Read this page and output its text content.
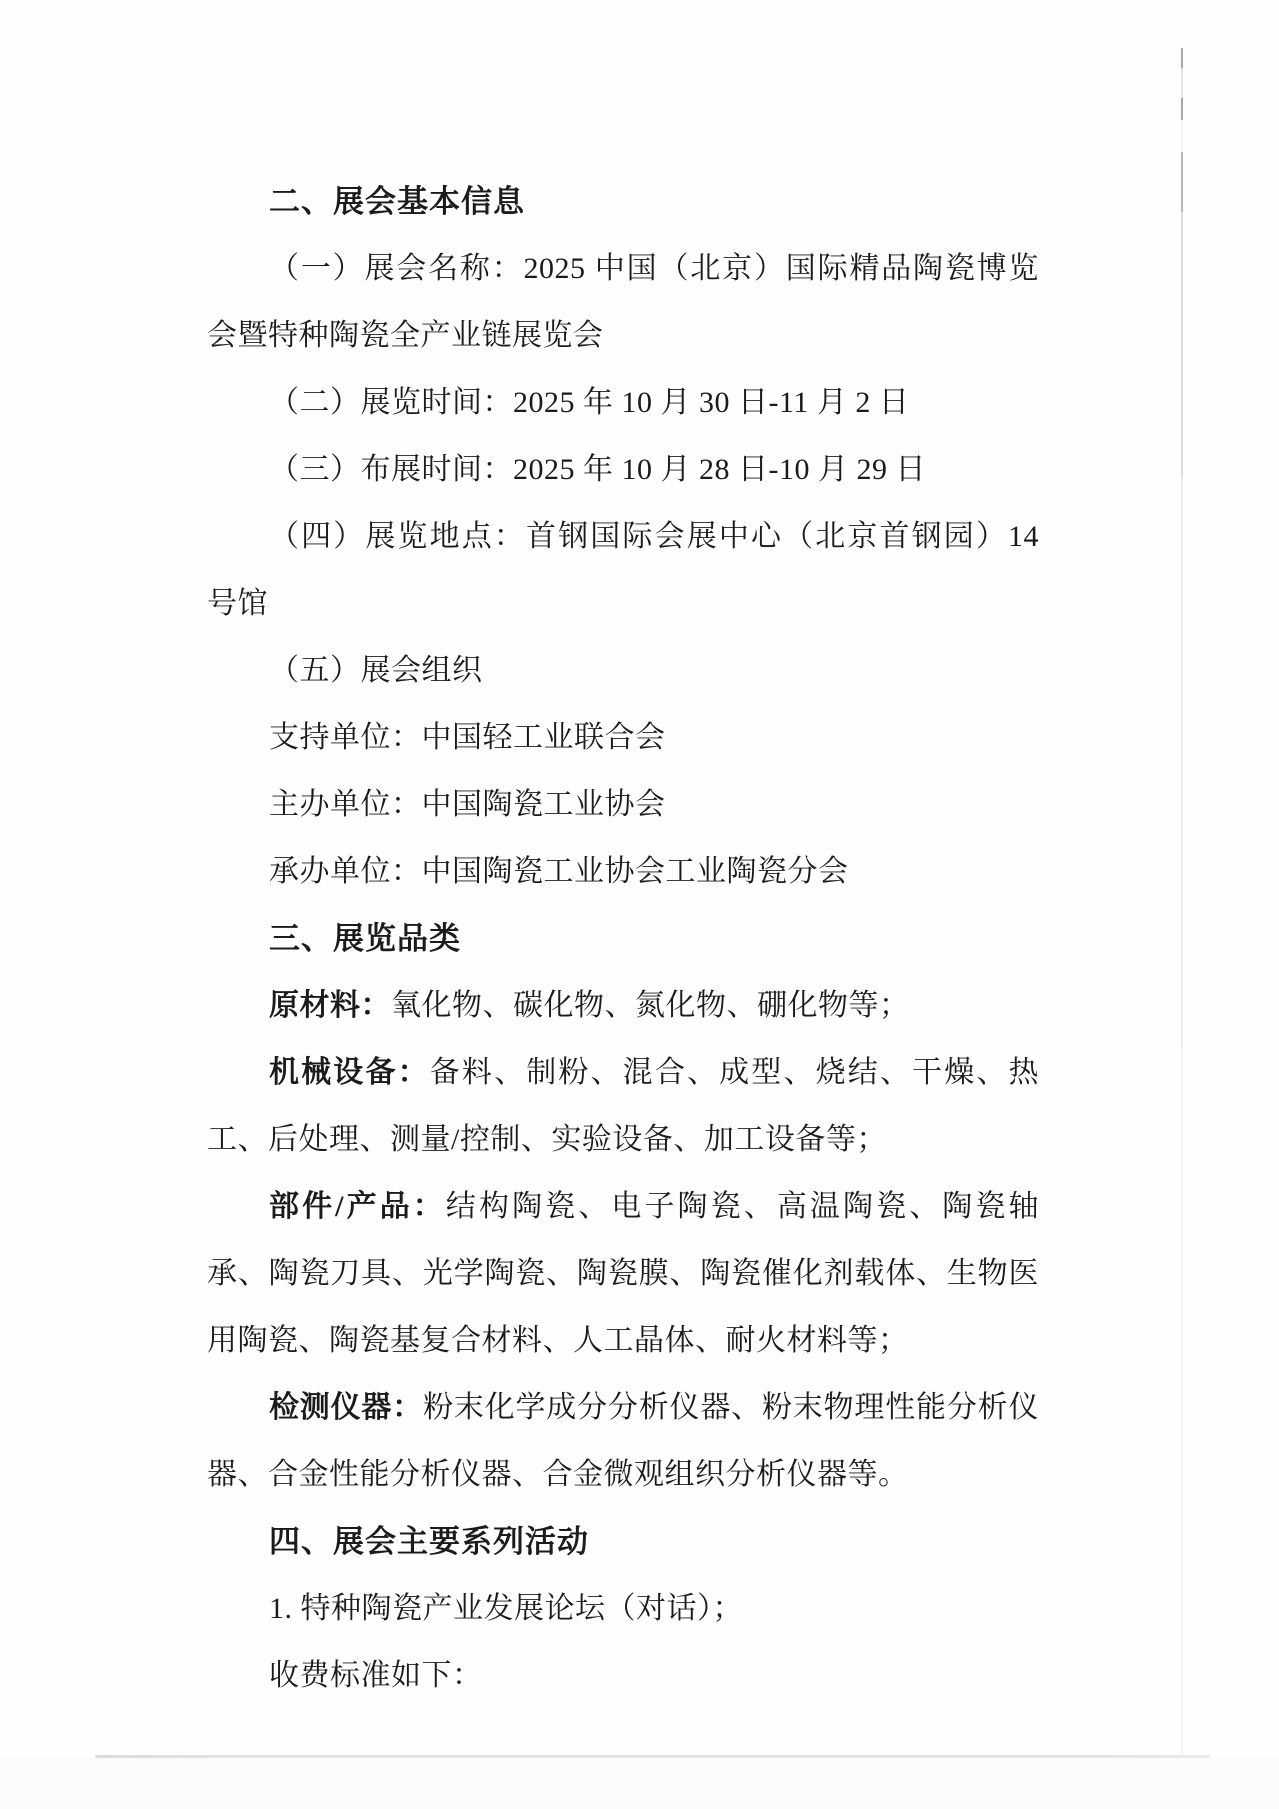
二、展会基本信息

（一）展会名称：2025 中国（北京）国际精品陶瓷博览会暨特种陶瓷全产业链展览会

（二）展览时间：2025 年 10 月 30 日-11 月 2 日

（三）布展时间：2025 年 10 月 28 日-10 月 29 日

（四）展览地点：首钢国际会展中心（北京首钢园）14 号馆

（五）展会组织

支持单位：中国轻工业联合会

主办单位：中国陶瓷工业协会

承办单位：中国陶瓷工业协会工业陶瓷分会

三、展览品类

原材料：氧化物、碳化物、氮化物、硼化物等；

机械设备：备料、制粉、混合、成型、烧结、干燥、热工、后处理、测量/控制、实验设备、加工设备等；

部件/产品：结构陶瓷、电子陶瓷、高温陶瓷、陶瓷轴承、陶瓷刀具、光学陶瓷、陶瓷膜、陶瓷催化剂载体、生物医用陶瓷、陶瓷基复合材料、人工晶体、耐火材料等；

检测仪器：粉末化学成分分析仪器、粉末物理性能分析仪器、合金性能分析仪器、合金微观组织分析仪器等。

四、展会主要系列活动

1. 特种陶瓷产业发展论坛（对话）；

收费标准如下：
